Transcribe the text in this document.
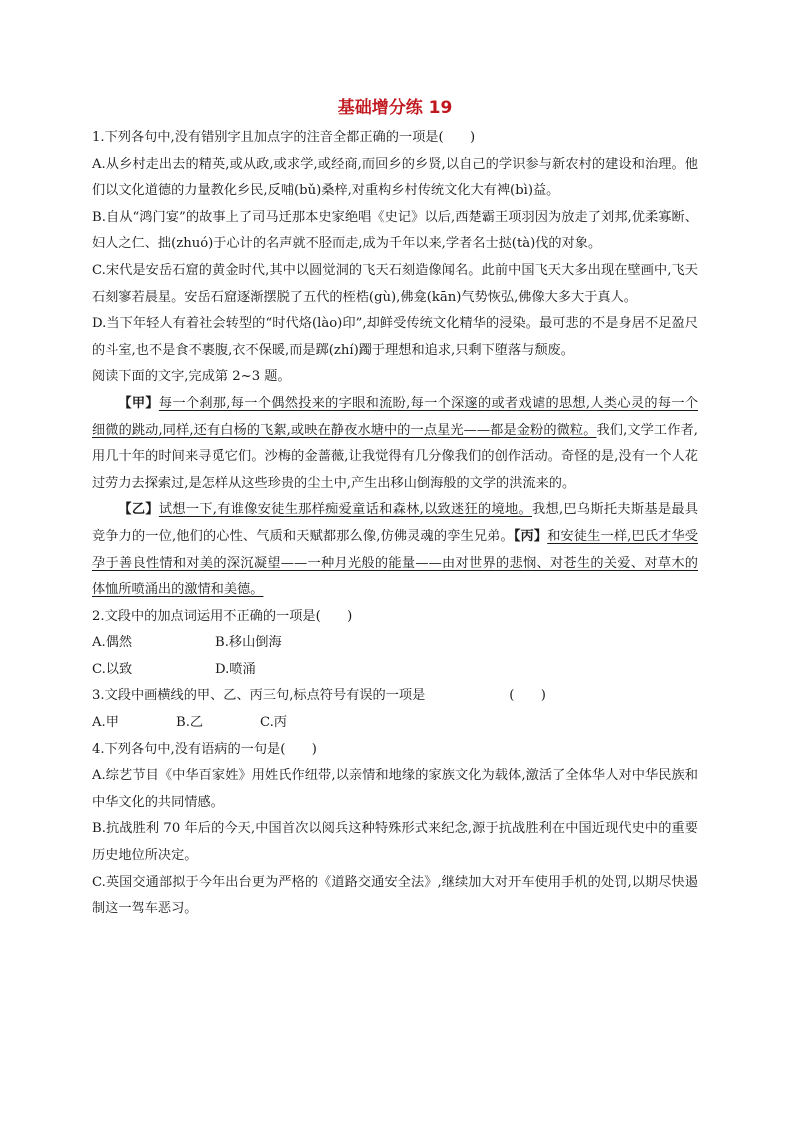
基础增分练 19

1.下列各句中,没有错别字且加点字的注音全都正确的一项是(　　)

A.从乡村走出去的精英,或从政,或求学,或经商,而回乡的乡贤,以自己的学识参与新农村的建设和治理。他们以文化道德的力量教化乡民,反哺(bǔ)桑梓,对重构乡村传统文化大有裨(bì)益。

B.自从“鸿门宴”的故事上了司马迁那本史家绝唱《史记》以后,西楚霸王项羽因为放走了刘邦,优柔寡断、妇人之仁、拙(zhuó)于心计的名声就不胫而走,成为千年以来,学者名士挞(tà)伐的对象。

C.宋代是安岳石窟的黄金时代,其中以圆觉洞的飞天石刻造像闻名。此前中国飞天大多出现在壁画中,飞天石刻寥若晨星。安岳石窟逐渐摆脱了五代的桎梏(gù),佛龛(kān)气势恢弘,佛像大多大于真人。

D.当下年轻人有着社会转型的“时代烙(lào)印”,却鲜受传统文化精华的浸染。最可悲的不是身居不足盈尺的斗室,也不是食不裹腹,衣不保暖,而是踯(zhí)躅于理想和追求,只剩下堕落与颓废。

阅读下面的文字,完成第 2~3 题。

【甲】每一个刹那,每一个偶然投来的字眼和流盼,每一个深邃的或者戏谑的思想,人类心灵的每一个细微的跳动,同样,还有白杨的飞絮,或映在静夜水塘中的一点星光——都是金粉的微粒。我们,文学工作者,用几十年的时间来寻觅它们。沙梅的金蔷薇,让我觉得有几分像我们的创作活动。奇怪的是,没有一个人花过劳力去探索过,是怎样从这些珍贵的尘土中,产生出移山倒海般的文学的洪流来的。

【乙】试想一下,有谁像安徒生那样痴爱童话和森林,以致迷狂的境地。我想,巴乌斯托夫斯基是最具竞争力的一位,他们的心性、气质和天赋都那么像,仿佛灵魂的孪生兄弟。【丙】和安徒生一样,巴氏才华受孕于善良性情和对美的深沉凝望——一种月光般的能量——由对世界的悲悯、对苍生的关爱、对草木的体恤所喷涌出的激情和美德。

2.文段中的加点词运用不正确的一项是(　　)

A.偶然	B.移山倒海
C.以致	D.喷涌

3.文段中画横线的甲、乙、丙三句,标点符号有误的一项是	(　　)

A.甲	B.乙	C.丙

4.下列各句中,没有语病的一句是(　　)

A.综艺节目《中华百家姓》用姓氏作纽带,以亲情和地缘的家族文化为载体,激活了全体华人对中华民族和中华文化的共同情感。

B.抗战胜利 70 年后的今天,中国首次以阅兵这种特殊形式来纪念,源于抗战胜利在中国近现代史中的重要历史地位所决定。

C.英国交通部拟于今年出台更为严格的《道路交通安全法》,继续加大对开车使用手机的处罚,以期尽快遏制这一驾车恶习。
